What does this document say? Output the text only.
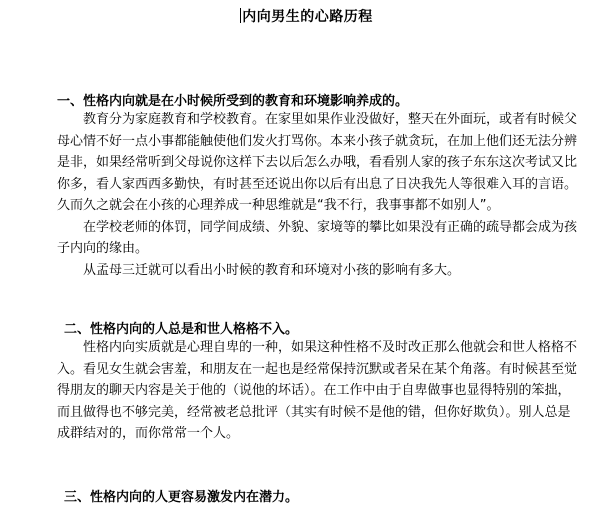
内向男生的心路历程
一、性格内向就是在小时候所受到的教育和环境影响养成的。
教育分为家庭教育和学校教育。在家里如果作业没做好，整天在外面玩，或者有时候父
母心情不好一点小事都能触使他们发火打骂你。本来小孩子就贪玩，在加上他们还无法分辨
是非，如果经常听到父母说你这样下去以后怎么办哦，看看别人家的孩子东东这次考试又比
你多，看人家西西多勤快，有时甚至还说出你以后有出息了日决我先人等很难入耳的言语。
久而久之就会在小孩的心理养成一种思维就是“我不行，我事事都不如别人”。
在学校老师的体罚，同学间成绩、外貌、家境等的攀比如果没有正确的疏导都会成为孩
子内向的缘由。
从孟母三迁就可以看出小时候的教育和环境对小孩的影响有多大。
二、性格内向的人总是和世人格格不入。
性格内向实质就是心理自卑的一种，如果这种性格不及时改正那么他就会和世人格格不
入。看见女生就会害羞，和朋友在一起也是经常保持沉默或者呆在某个角落。有时候甚至觉
得朋友的聊天内容是关于他的（说他的坏话）。在工作中由于自卑做事也显得特别的笨拙，
而且做得也不够完美，经常被老总批评（其实有时候不是他的错，但你好欺负）。别人总是
成群结对的，而你常常一个人。
三、性格内向的人更容易激发内在潜力。
